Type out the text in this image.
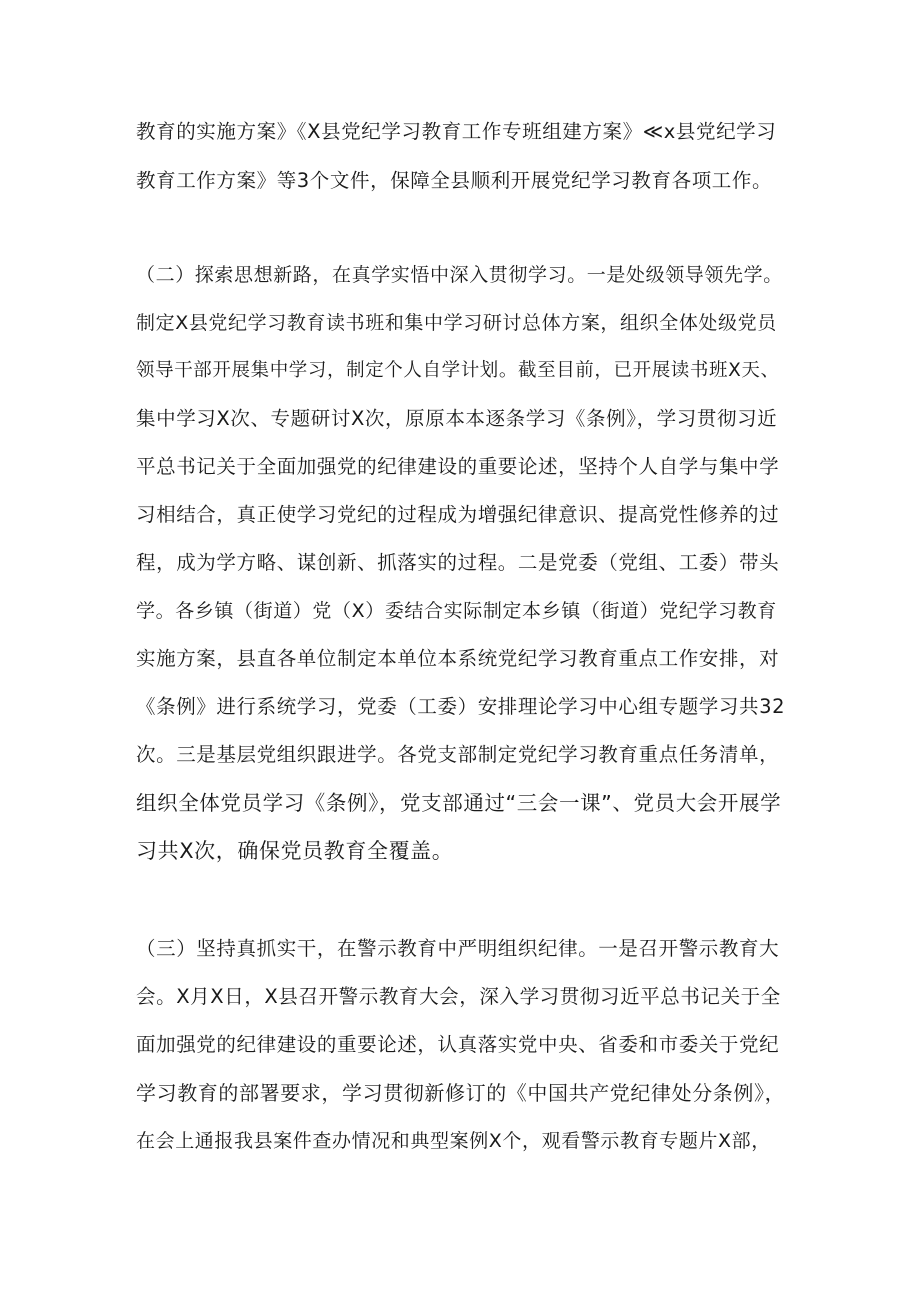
教育的实施方案》《X县党纪学习教育工作专班组建方案》≪x县党纪学习
教育工作方案》等3个文件，保障全县顺利开展党纪学习教育各项工作。
（二）探索思想新路，在真学实悟中深入贯彻学习。一是处级领导领先学。
制定X县党纪学习教育读书班和集中学习研讨总体方案，组织全体处级党员
领导干部开展集中学习，制定个人自学计划。截至目前，已开展读书班X天、
集中学习X次、专题研讨X次，原原本本逐条学习《条例》，学习贯彻习近
平总书记关于全面加强党的纪律建设的重要论述，坚持个人自学与集中学
习相结合，真正使学习党纪的过程成为增强纪律意识、提高党性修养的过
程，成为学方略、谋创新、抓落实的过程。二是党委（党组、工委）带头
学。各乡镇（街道）党（X）委结合实际制定本乡镇（街道）党纪学习教育
实施方案，县直各单位制定本单位本系统党纪学习教育重点工作安排，对
《条例》进行系统学习，党委（工委）安排理论学习中心组专题学习共32
次。三是基层党组织跟进学。各党支部制定党纪学习教育重点任务清单，
组织全体党员学习《条例》，党支部通过“三会一课”、党员大会开展学
习共X次，确保党员教育全覆盖。
（三）坚持真抓实干，在警示教育中严明组织纪律。一是召开警示教育大
会。X月X日，X县召开警示教育大会，深入学习贯彻习近平总书记关于全
面加强党的纪律建设的重要论述，认真落实党中央、省委和市委关于党纪
学习教育的部署要求，学习贯彻新修订的《中国共产党纪律处分条例》，
在会上通报我县案件查办情况和典型案例X个，观看警示教育专题片X部，
